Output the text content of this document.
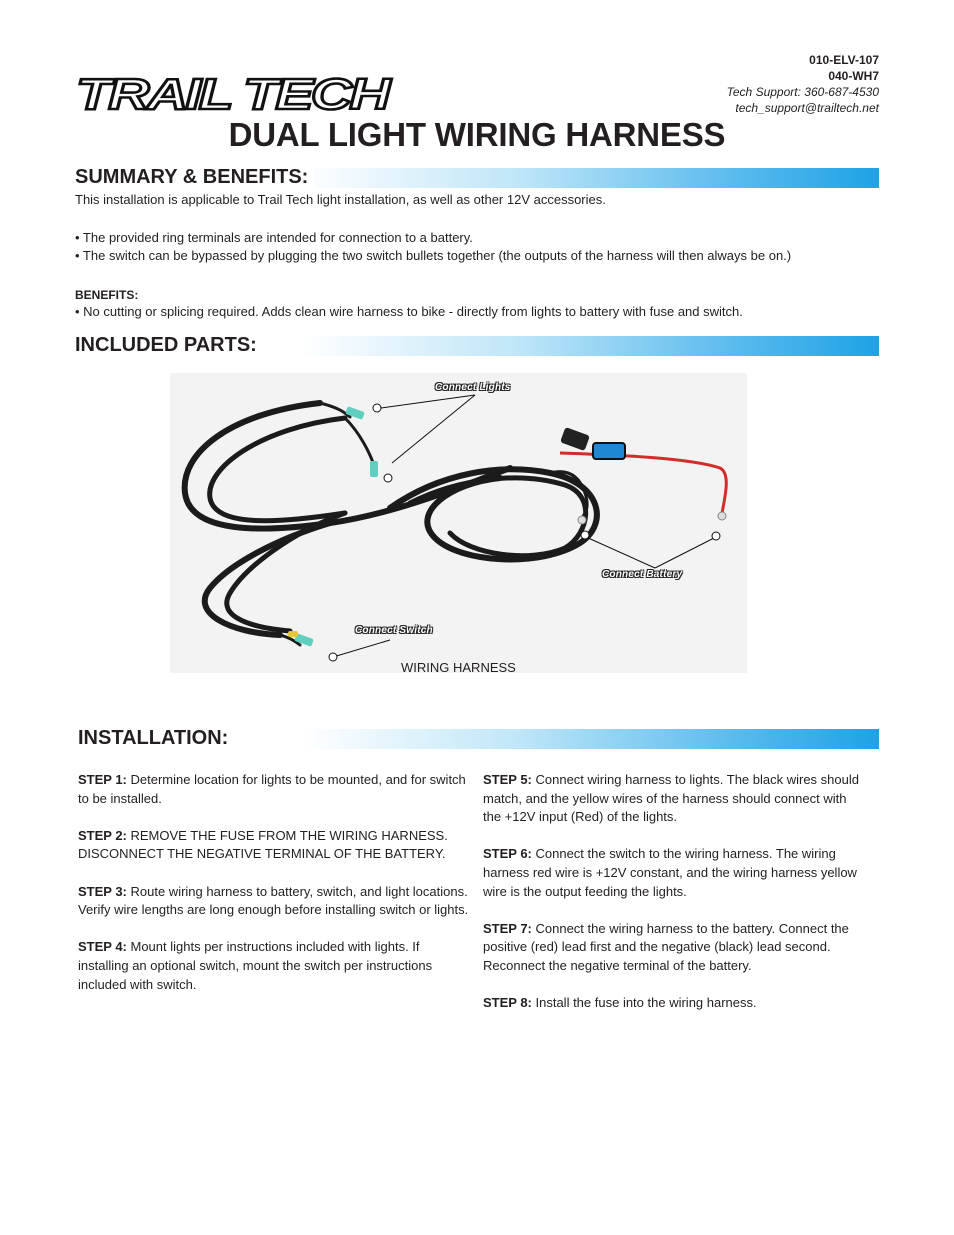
TRAIL TECH
010-ELV-107
040-WH7
Tech Support: 360-687-4530
tech_support@trailtech.net
DUAL LIGHT WIRING HARNESS
SUMMARY & BENEFITS:
This installation is applicable to Trail Tech light installation, as well as other 12V accessories.
• The provided ring terminals are intended for connection to a battery.
• The switch can be bypassed by plugging the two switch bullets together (the outputs of the harness will then always be on.)
BENEFITS:
• No cutting or splicing required. Adds clean wire harness to bike - directly from lights to battery with fuse and switch.
INCLUDED PARTS:
Connect Lights
Connect Battery
Connect Switch
WIRING HARNESS
INSTALLATION:
STEP 1: Determine location for lights to be mounted, and for switch to be installed.
STEP 2: REMOVE THE FUSE FROM THE WIRING HARNESS. DISCONNECT THE NEGATIVE TERMINAL OF THE BATTERY.
STEP 3: Route wiring harness to battery, switch, and light locations. Verify wire lengths are long enough before installing switch or lights.
STEP 4: Mount lights per instructions included with lights. If installing an optional switch, mount the switch per instructions included with switch.
STEP 5: Connect wiring harness to lights. The black wires should match, and the yellow wires of the harness should connect with the +12V input (Red) of the lights.
STEP 6: Connect the switch to the wiring harness. The wiring harness red wire is +12V constant, and the wiring harness yellow wire is the output feeding the lights.
STEP 7: Connect the wiring harness to the battery. Connect the positive (red) lead first and the negative (black) lead second. Reconnect the negative terminal of the battery.
STEP 8: Install the fuse into the wiring harness.
